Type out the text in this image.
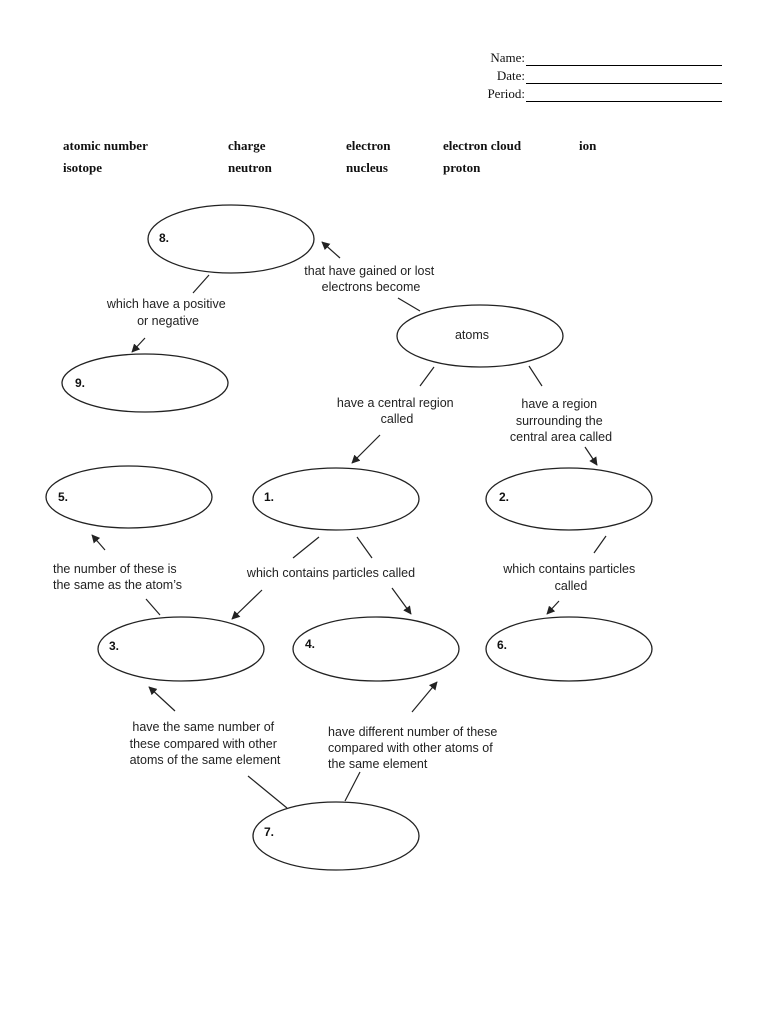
Name:
Date:
Period:
atomic number	charge	electron	electron cloud	ion
isotope	neutron	nucleus	proton
8.
9.
atoms
5.	1.	2.
3.	4.	6.
7.
that have gained or lost electrons become
which have a positive or negative
have a central region called
have a region surrounding the central area called
the number of these is the same as the atom’s
which contains particles called	which contains particles called
have the same number of these compared with other atoms of the same element
have different number of these compared with other atoms of the same element
